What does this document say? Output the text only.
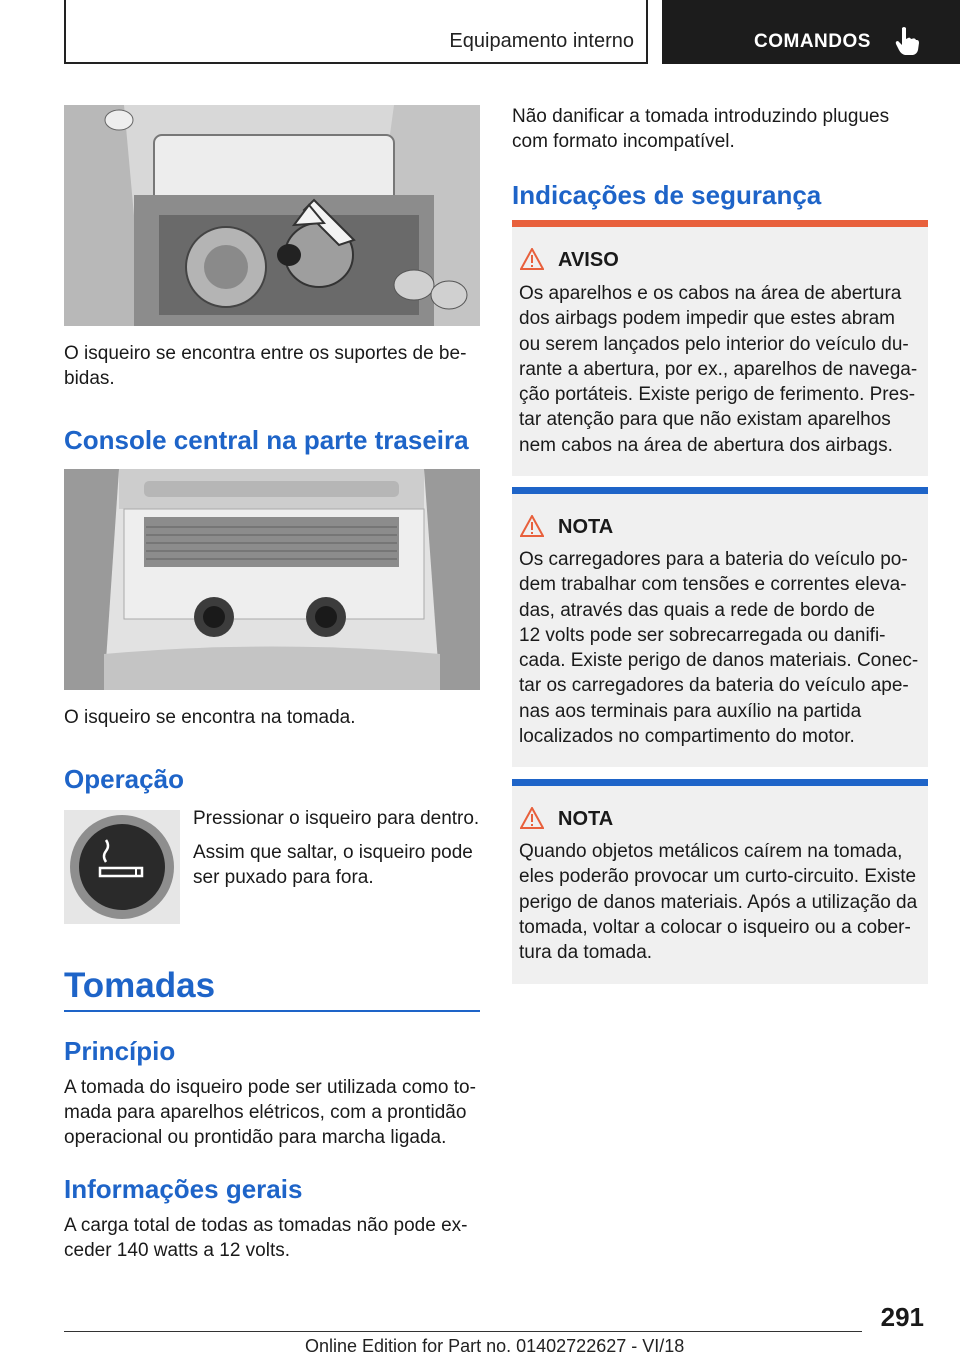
Equipamento interno	COMANDOS
O isqueiro se encontra entre os suportes de be-
bidas.
Console central na parte traseira
O isqueiro se encontra na tomada.
Operação
Pressionar o isqueiro para dentro.
Assim que saltar, o isqueiro pode
ser puxado para fora.
Tomadas
Princípio
A tomada do isqueiro pode ser utilizada como to-
mada para aparelhos elétricos, com a prontidão
operacional ou prontidão para marcha ligada.
Informações gerais
A carga total de todas as tomadas não pode ex-
ceder 140 watts a 12 volts.
Não danificar a tomada introduzindo plugues
com formato incompatível.
Indicações de segurança
AVISO
Os aparelhos e os cabos na área de abertura
dos airbags podem impedir que estes abram
ou serem lançados pelo interior do veículo du-
rante a abertura, por ex., aparelhos de navega-
ção portáteis. Existe perigo de ferimento. Pres-
tar atenção para que não existam aparelhos
nem cabos na área de abertura dos airbags.
NOTA
Os carregadores para a bateria do veículo po-
dem trabalhar com tensões e correntes eleva-
das, através das quais a rede de bordo de
12 volts pode ser sobrecarregada ou danifi-
cada. Existe perigo de danos materiais. Conec-
tar os carregadores da bateria do veículo ape-
nas aos terminais para auxílio na partida
localizados no compartimento do motor.
NOTA
Quando objetos metálicos caírem na tomada,
eles poderão provocar um curto-circuito. Existe
perigo de danos materiais. Após a utilização da
tomada, voltar a colocar o isqueiro ou a cober-
tura da tomada.
291
Online Edition for Part no. 01402722627 - VI/18
